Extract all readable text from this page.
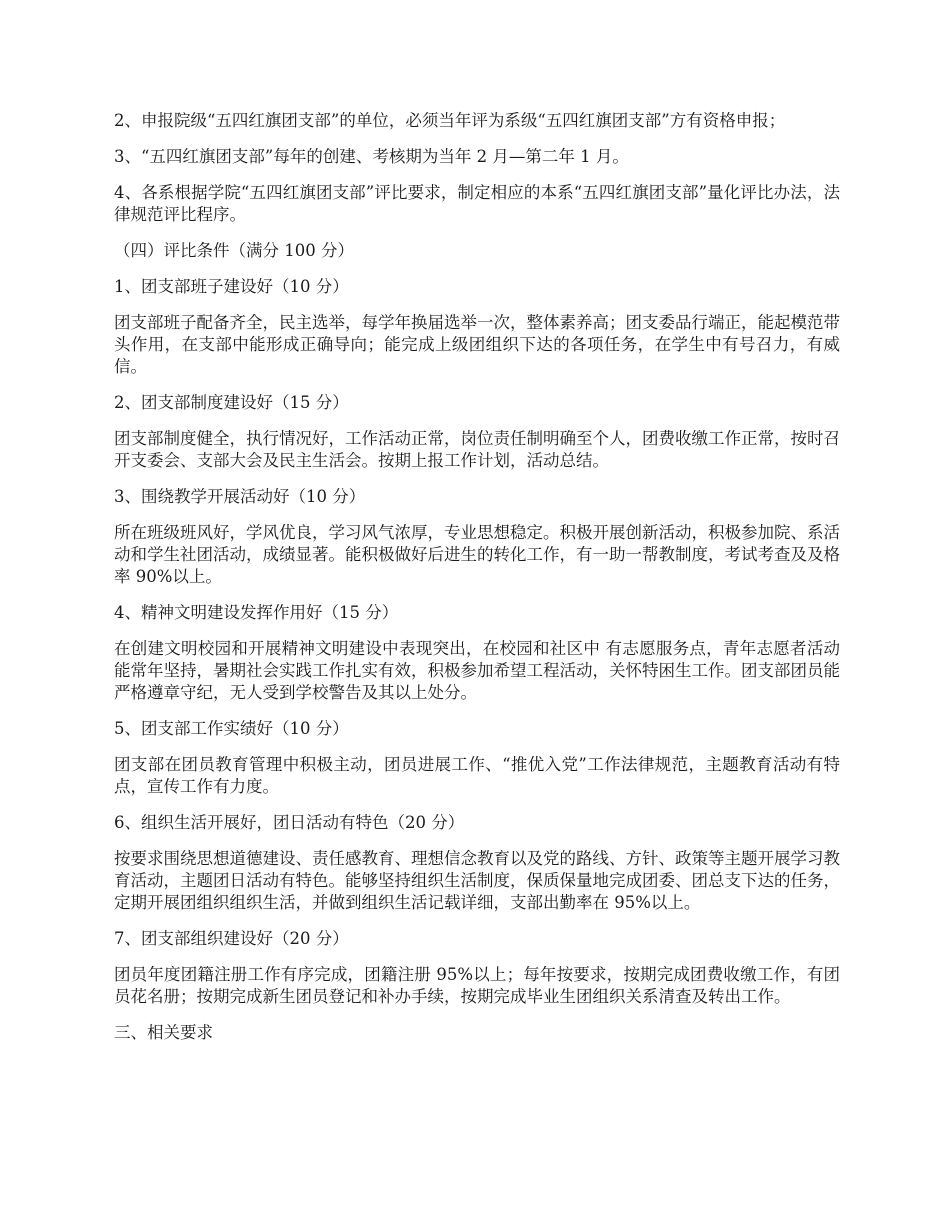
2、申报院级“五四红旗团支部”的单位，必须当年评为系级“五四红旗团支部”方有资格申报；

3、“五四红旗团支部”每年的创建、考核期为当年 2 月—第二年 1 月。

4、各系根据学院“五四红旗团支部”评比要求，制定相应的本系“五四红旗团支部”量化评比办法，法律规范评比程序。

（四）评比条件（满分 100 分）

1、团支部班子建设好（10 分）

团支部班子配备齐全，民主选举，每学年换届选举一次，整体素养高；团支委品行端正，能起模范带头作用，在支部中能形成正确导向；能完成上级团组织下达的各项任务，在学生中有号召力，有威信。

2、团支部制度建设好（15 分）

团支部制度健全，执行情况好，工作活动正常，岗位责任制明确至个人，团费收缴工作正常，按时召开支委会、支部大会及民主生活会。按期上报工作计划，活动总结。

3、围绕教学开展活动好（10 分）

所在班级班风好，学风优良，学习风气浓厚，专业思想稳定。积极开展创新活动，积极参加院、系活动和学生社团活动，成绩显著。能积极做好后进生的转化工作，有一助一帮教制度，考试考查及及格率 90%以上。

4、精神文明建设发挥作用好（15 分）

在创建文明校园和开展精神文明建设中表现突出，在校园和社区中 有志愿服务点，青年志愿者活动能常年坚持，暑期社会实践工作扎实有效，积极参加希望工程活动，关怀特困生工作。团支部团员能严格遵章守纪，无人受到学校警告及其以上处分。

5、团支部工作实绩好（10 分）

团支部在团员教育管理中积极主动，团员进展工作、“推优入党”工作法律规范，主题教育活动有特点，宣传工作有力度。

6、组织生活开展好，团日活动有特色（20 分）

按要求围绕思想道德建设、责任感教育、理想信念教育以及党的路线、方针、政策等主题开展学习教育活动，主题团日活动有特色。能够坚持组织生活制度，保质保量地完成团委、团总支下达的任务，定期开展团组织组织生活，并做到组织生活记载详细，支部出勤率在 95%以上。

7、团支部组织建设好（20 分）

团员年度团籍注册工作有序完成，团籍注册 95%以上；每年按要求，按期完成团费收缴工作，有团员花名册；按期完成新生团员登记和补办手续，按期完成毕业生团组织关系清查及转出工作。

三、相关要求
